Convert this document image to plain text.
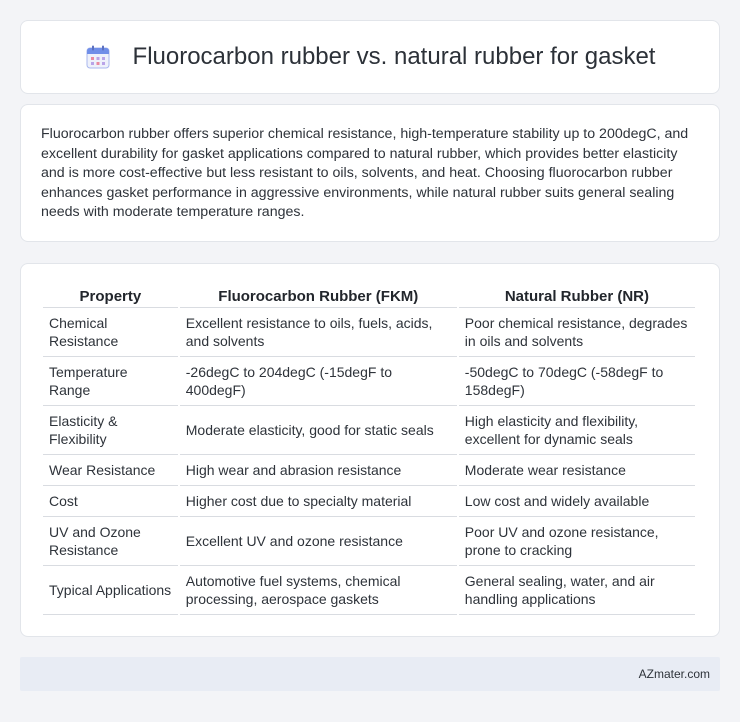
Fluorocarbon rubber vs. natural rubber for gasket

Fluorocarbon rubber offers superior chemical resistance, high-temperature stability up to 200degC, and excellent durability for gasket applications compared to natural rubber, which provides better elasticity and is more cost-effective but less resistant to oils, solvents, and heat. Choosing fluorocarbon rubber enhances gasket performance in aggressive environments, while natural rubber suits general sealing needs with moderate temperature ranges.

Property	Fluorocarbon Rubber (FKM)	Natural Rubber (NR)
Chemical Resistance	Excellent resistance to oils, fuels, acids, and solvents	Poor chemical resistance, degrades in oils and solvents
Temperature Range	-26degC to 204degC (-15degF to 400degF)	-50degC to 70degC (-58degF to 158degF)
Elasticity & Flexibility	Moderate elasticity, good for static seals	High elasticity and flexibility, excellent for dynamic seals
Wear Resistance	High wear and abrasion resistance	Moderate wear resistance
Cost	Higher cost due to specialty material	Low cost and widely available
UV and Ozone Resistance	Excellent UV and ozone resistance	Poor UV and ozone resistance, prone to cracking
Typical Applications	Automotive fuel systems, chemical processing, aerospace gaskets	General sealing, water, and air handling applications
AZmater.com
